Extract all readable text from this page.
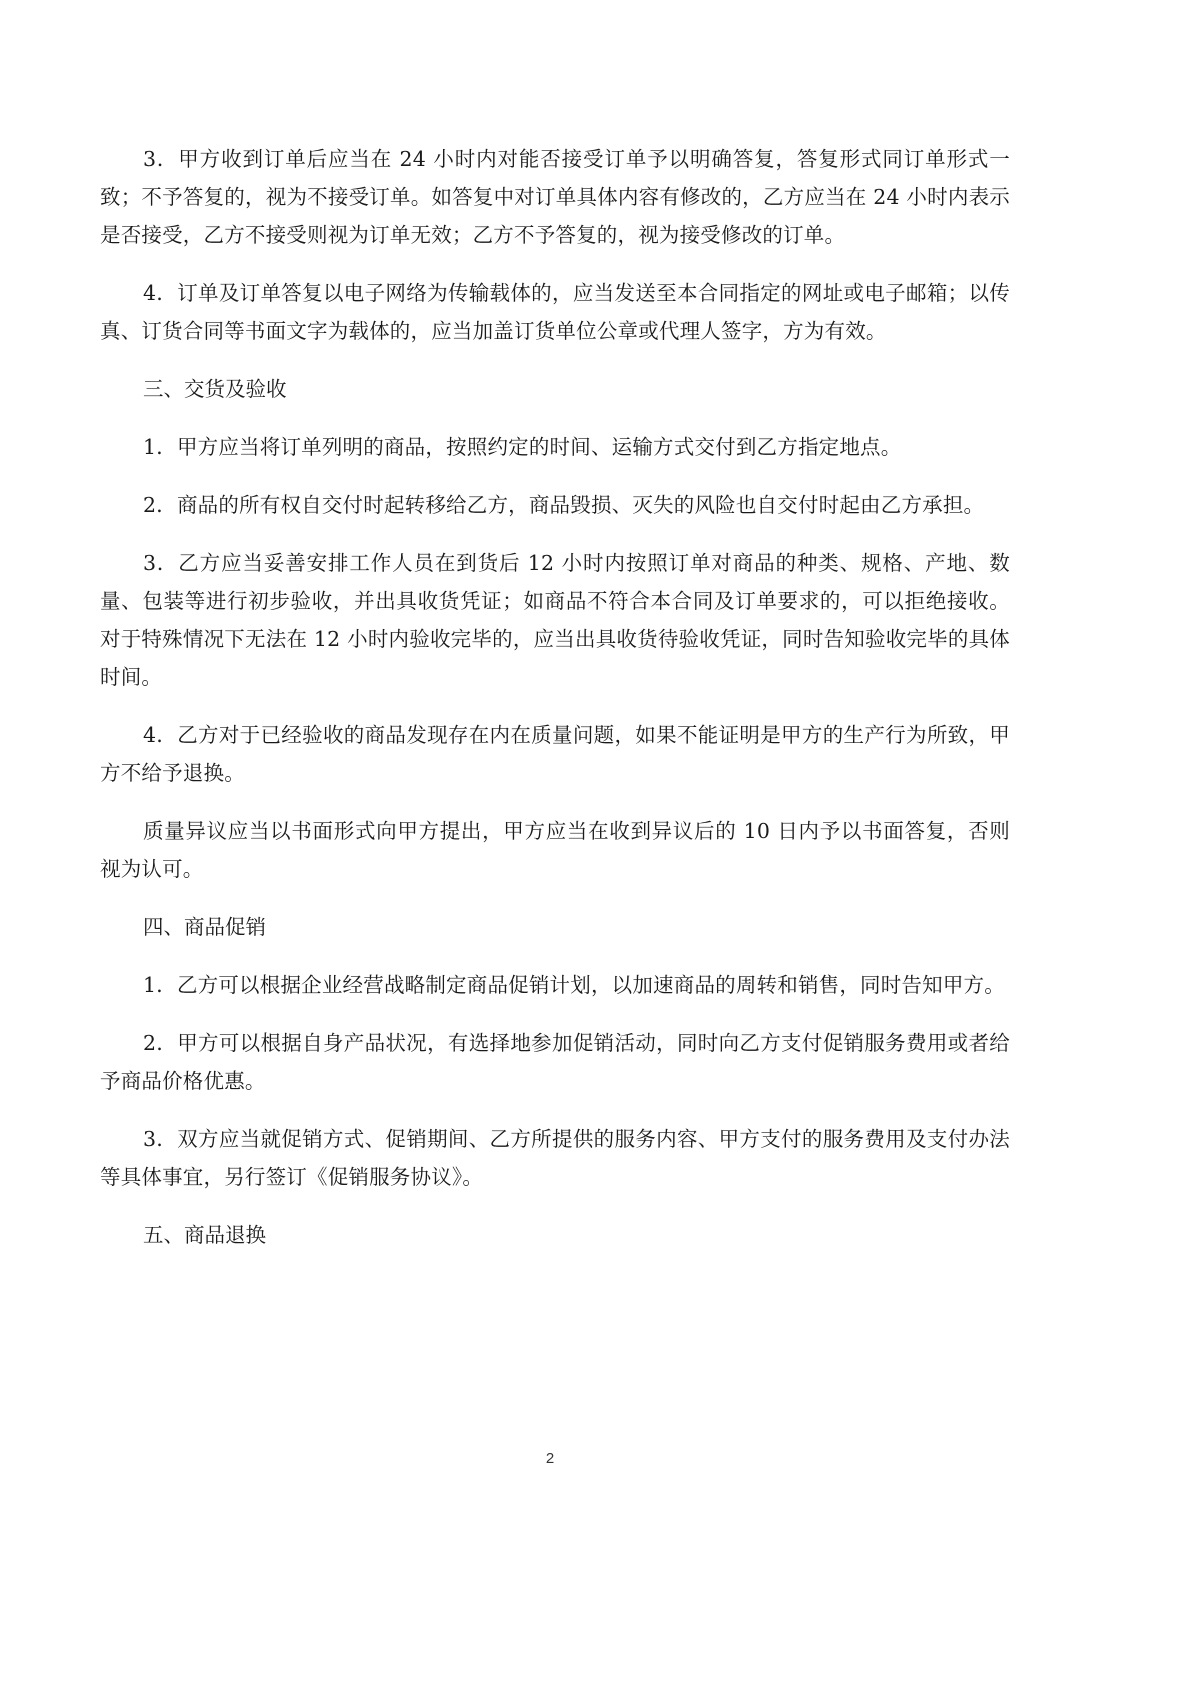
3．甲方收到订单后应当在 24 小时内对能否接受订单予以明确答复，答复形式同订单形式一致；不予答复的，视为不接受订单。如答复中对订单具体内容有修改的，乙方应当在 24 小时内表示是否接受，乙方不接受则视为订单无效；乙方不予答复的，视为接受修改的订单。

4．订单及订单答复以电子网络为传输载体的，应当发送至本合同指定的网址或电子邮箱；以传真、订货合同等书面文字为载体的，应当加盖订货单位公章或代理人签字，方为有效。

三、交货及验收

1．甲方应当将订单列明的商品，按照约定的时间、运输方式交付到乙方指定地点。

2．商品的所有权自交付时起转移给乙方，商品毁损、灭失的风险也自交付时起由乙方承担。

3．乙方应当妥善安排工作人员在到货后 12 小时内按照订单对商品的种类、规格、产地、数量、包装等进行初步验收，并出具收货凭证；如商品不符合本合同及订单要求的，可以拒绝接收。对于特殊情况下无法在 12 小时内验收完毕的，应当出具收货待验收凭证，同时告知验收完毕的具体时间。

4．乙方对于已经验收的商品发现存在内在质量问题，如果不能证明是甲方的生产行为所致，甲方不给予退换。

质量异议应当以书面形式向甲方提出，甲方应当在收到异议后的 10 日内予以书面答复，否则视为认可。

四、商品促销

1．乙方可以根据企业经营战略制定商品促销计划，以加速商品的周转和销售，同时告知甲方。

2．甲方可以根据自身产品状况，有选择地参加促销活动，同时向乙方支付促销服务费用或者给予商品价格优惠。

3．双方应当就促销方式、促销期间、乙方所提供的服务内容、甲方支付的服务费用及支付办法等具体事宜，另行签订《促销服务协议》。

五、商品退换

2
